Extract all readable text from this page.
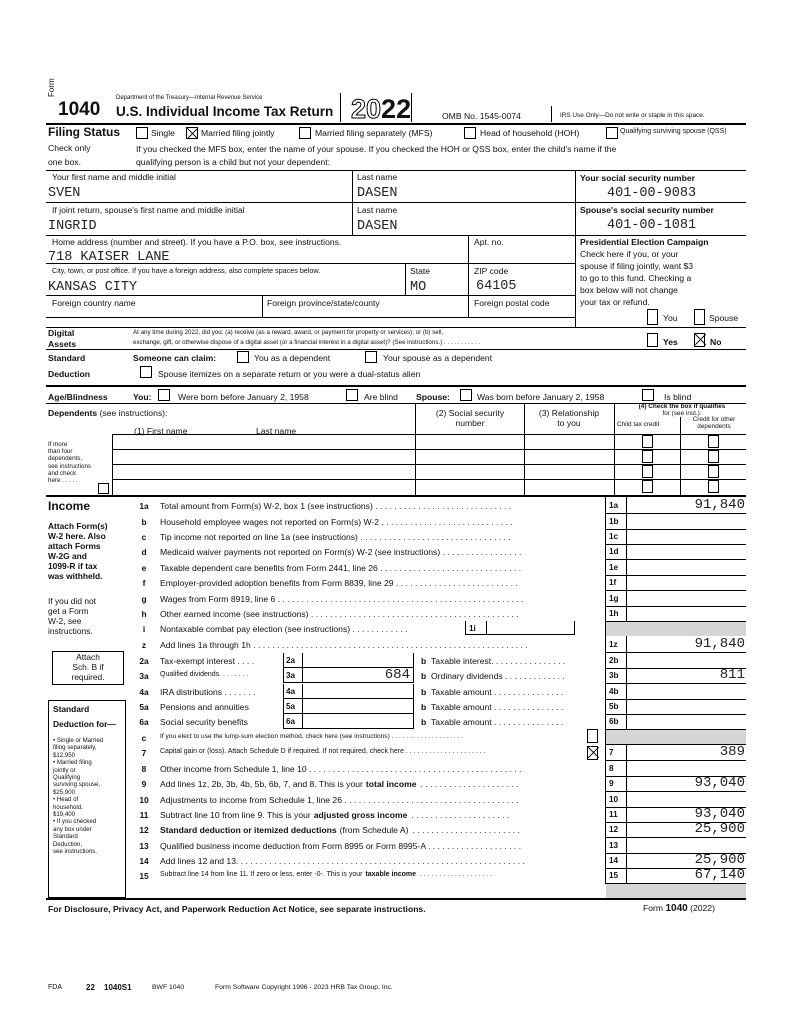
Form
1040
Department of the Treasury—Internal Revenue Service
U.S. Individual Income Tax Return 2022	OMB No. 1545-0074	IRS Use Only—Do not write or staple in this space.
Filing Status
Check only
one box.
Single	Married filing jointly	Married filing separately (MFS)	Head of household (HOH)	Qualifying surviving spouse (QSS)
If you checked the MFS box, enter the name of your spouse. If you checked the HOH or QSS box, enter the child's name if the
qualifying person is a child but not your dependent:
Your first name and middle initial
SVEN
Last name
DASEN
Your social security number
401-00-9083
If joint return, spouse's first name and middle initial
INGRID
Last name
DASEN
Spouse's social security number
401-00-1081
Home address (number and street). If you have a P.O. box, see instructions.
718 KAISER LANE
Apt. no.
City, town, or post office. If you have a foreign address, also complete spaces below.
KANSAS CITY
State
MO
ZIP code
64105
Foreign country name	Foreign province/state/county	Foreign postal code
Presidential Election Campaign
Check here if you, or your
spouse if filing jointly, want $3
to go to this fund. Checking a
box below will not change
your tax or refund.
You	Spouse
Digital
Assets
At any time during 2022, did you: (a) receive (as a reward, award, or payment for property or services); or (b) sell,
exchange, gift, or otherwise dispose of a digital asset (or a financial interest in a digital asset)? (See instructions.) . . . . . . . . . . .	Yes	No
Standard
Deduction
Someone can claim:	You as a dependent	Your spouse as a dependent
Spouse itemizes on a separate return or you were a dual-status alien
Age/Blindness	You:	Were born before January 2, 1958	Are blind Spouse:	Was born before January 2, 1958	Is blind
Dependents (see instructions):
(1) First name	Last name
(2) Social security
number
(3) Relationship
to you
(4) Check the box if qualifies
for (see inst.):
Child tax credit
Credit for other
dependents
If more
than four
dependents,
see instructions
and check
here . . . . .
Income
Attach Form(s)
W-2 here. Also
attach Forms
W-2G and
1099-R if tax
was withheld.
If you did not
get a Form
W-2, see
instructions.
1a	Total amount from Form(s) W-2, box 1 (see instructions) . . . . . . . . . . . . . . . . . . . . . . . . . . . . .	1a	91,840
b	Household employee wages not reported on Form(s) W-2 . . . . . . . . . . . . . . . . . . . . . . . . . . . .	1b
c	Tip income not reported on line 1a (see instructions) . . . . . . . . . . . . . . . . . . . . . . . . . . . . . . . .	1c
d	Medicaid waiver payments not reported on Form(s) W-2 (see instructions) . . . . . . . . . . . . . . . . .	1d
e	Taxable dependent care benefits from Form 2441, line 26 . . . . . . . . . . . . . . . . . . . . . . . . . . . . . .	1e
f	Employer-provided adoption benefits from Form 8839, line 29 . . . . . . . . . . . . . . . . . . . . . . . . . .	1f
g	Wages from Form 8919, line 6 . . . . . . . . . . . . . . . . . . . . . . . . . . . . . . . . . . . . . . . . . . . . . . . . . . . .	1g
h	Other earned income (see instructions) . . . . . . . . . . . . . . . . . . . . . . . . . . . . . . . . . . . . . . . . . . . .	1h
z	Add lines 1a through 1h . . . . . . . . . . . . . . . . . . . . . . . . . . . . . . . . . . . . . . . . . . . . . . . . . . . . . . . . . .	1z	91,840
7	Capital gain or (loss). Attach Schedule D if required. If not required, check here . . . . . . . . . . . . . . . . . . . . .	7	389
8	Other income from Schedule 1, line 10 . . . . . . . . . . . . . . . . . . . . . . . . . . . . . . . . . . . . . . . . . . . . .	8
9	Add lines 1z, 2b, 3b, 4b, 5b, 6b, 7, and 8. This is your total income . . . . . . . . . . . . . . . . . . . . .	9	93,040
10	Adjustments to income from Schedule 1, line 26 . . . . . . . . . . . . . . . . . . . . . . . . . . . . . . . . . . . . .	10
11	Subtract line 10 from line 9. This is your adjusted gross income . . . . . . . . . . . . . . . . . . . . .	11	93,040
12	Standard deduction or itemized deductions (from Schedule A) . . . . . . . . . . . . . . . . . . . . . . .	12	25,900
13	Qualified business income deduction from Form 8995 or Form 8995-A . . . . . . . . . . . . . . . . . . . .	13
14	Add lines 12 and 13. . . . . . . . . . . . . . . . . . . . . . . . . . . . . . . . . . . . . . . . . . . . . . . . . . . . . . . . . . . . .	14	25,900
15	Subtract line 14 from line 11. If zero or less, enter -0-. This is your taxable income . . . . . . . . . . . . . . . . . . .	15	67,140
i	Nontaxable combat pay election (see instructions) . . . . . . . . . . . .	1i
2a	Tax-exempt interest . . . .	2a	b Taxable interest. . . . . . . . . . . . . . . .	2b
3a	Qualified dividends. . . . . . . .	3a	684 b Ordinary dividends . . . . . . . . . . . . .	3b	811
4a	IRA distributions . . . . . . .	4a	b Taxable amount . . . . . . . . . . . . . . .	4b
5a	Pensions and annuities	5a	b Taxable amount . . . . . . . . . . . . . . .	5b
6a	Social security benefits	6a	b Taxable amount . . . . . . . . . . . . . . .	6b
c	If you elect to use the lump-sum election method, check here (see instructions) . . . . . . . . . . . . . . . . . . . .
Attach
Sch. B if
required.
Standard
Deduction for—
• Single or Married
filing separately,
$12,950
• Married filing
jointly or
Qualifying
surviving spouse,
$25,900
• Head of
household,
$19,400
• If you checked
any box under
Standard
Deduction,
see instructions.
For Disclosure, Privacy Act, and Paperwork Reduction Act Notice, see separate instructions.	Form 1040 (2022)
FDA	22 1040S1	BWF 1040	Form Software Copyright 1996 - 2023 HRB Tax Group, Inc.
